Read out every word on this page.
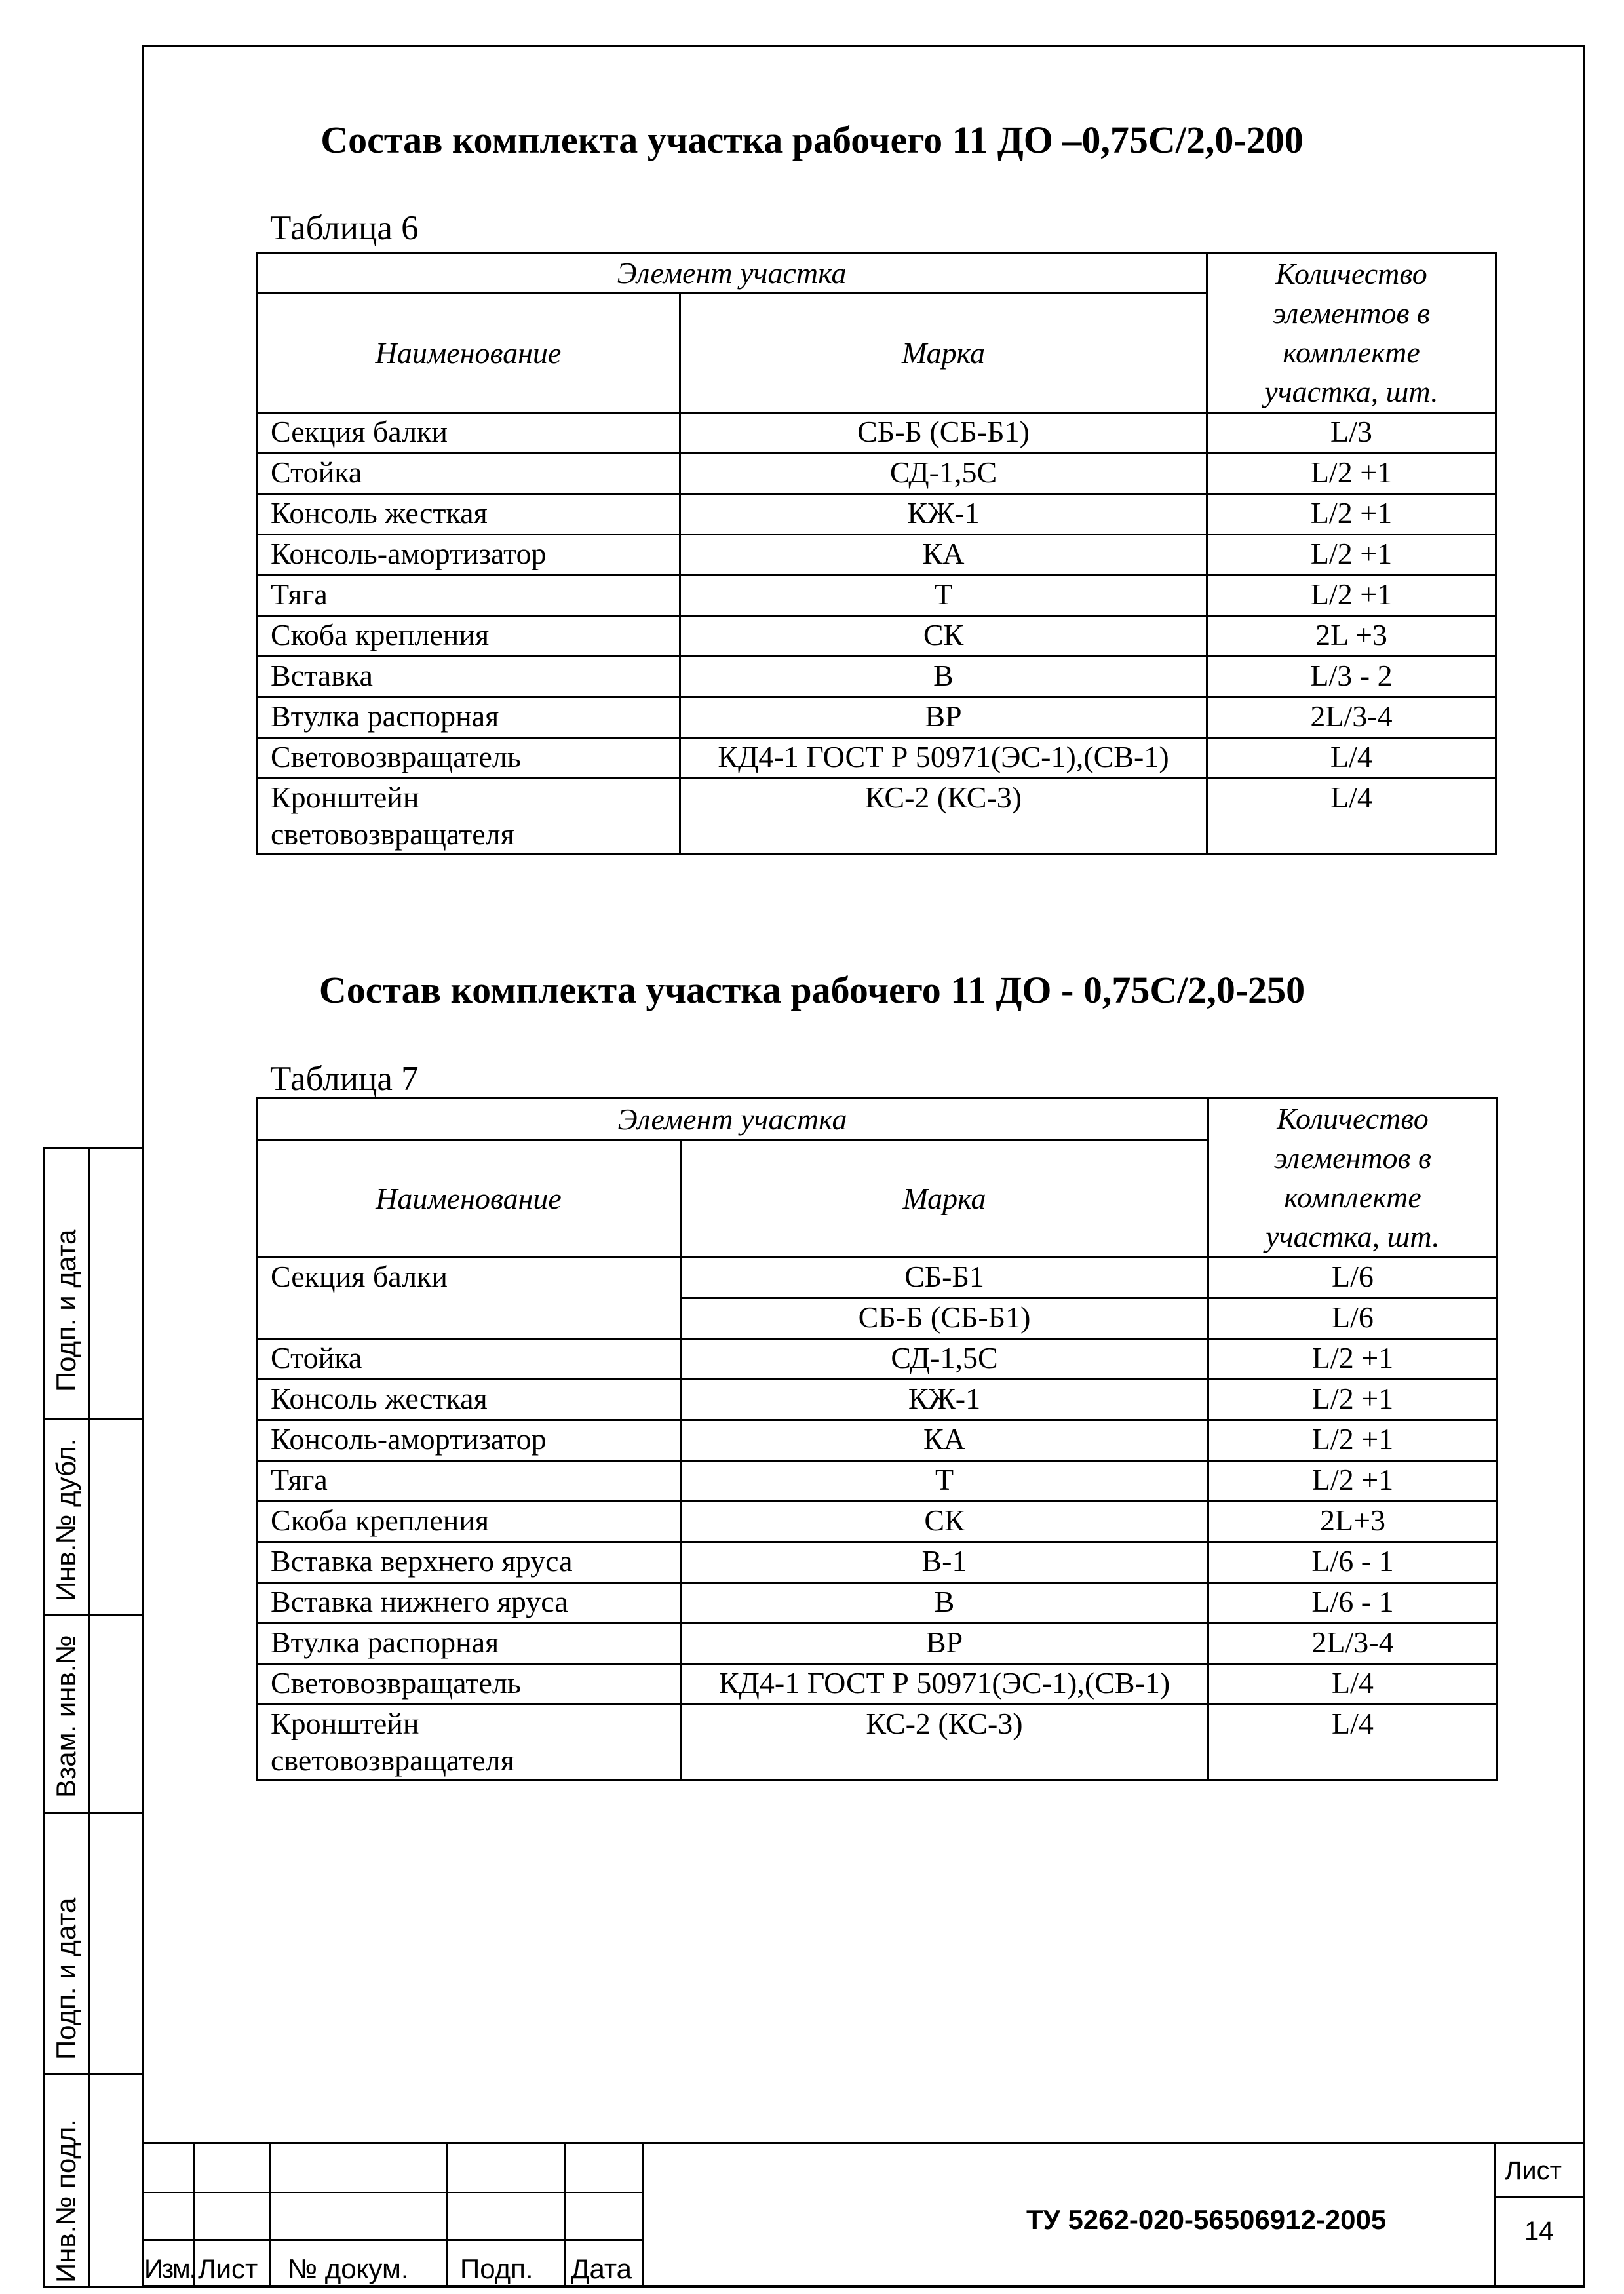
Состав комплекта участка рабочего 11 ДО –0,75С/2,0-200
Таблица 6
Элемент участка		Количество
элементов в
комплекте
участка, шт.

Наименование	Марка	

Секция балки	СБ-Б (СБ-Б1)	L/3

Стойка	СД-1,5С	L/2 +1

Консоль жесткая	КЖ-1	L/2 +1

Консоль-амортизатор	КА	L/2 +1

Тяга	Т	L/2 +1

Скоба крепления	СК	2L +3

Вставка	В	L/3 - 2

Втулка распорная	ВР	2L/3-4

Световозвращатель	КД4-1 ГОСТ Р 50971(ЭС-1),(СВ-1)	L/4

Кронштейн
световозвращателя	КС-2 (КС-3)	L/4
Состав комплекта участка рабочего 11 ДО - 0,75С/2,0-250
Таблица 7
Элемент участка		Количество
элементов в
комплекте
участка, шт.

Наименование	Марка	
Секция балки	СБ-Б1	L/6
	СБ-Б (СБ-Б1)	L/6

Стойка	СД-1,5С	L/2 +1

Консоль жесткая	КЖ-1	L/2 +1

Консоль-амортизатор	КА	L/2 +1

Тяга	Т	L/2 +1

Скоба крепления	СК	2L+3

Вставка верхнего яруса	В-1	L/6 - 1

Вставка нижнего яруса	В	L/6 - 1

Втулка распорная	ВР	2L/3-4

Световозвращатель	КД4-1 ГОСТ Р 50971(ЭС-1),(СВ-1)	L/4

Кронштейн
световозвращателя	КС-2 (КС-3)	L/4
Подп. и дата
Инв.№ дубл.
Взам. инв.№
Подп. и дата
Инв.№ подл. Изм. Лист № докум. Подп. Дата
ТУ 5262-020-56506912-2005
Лист
14
